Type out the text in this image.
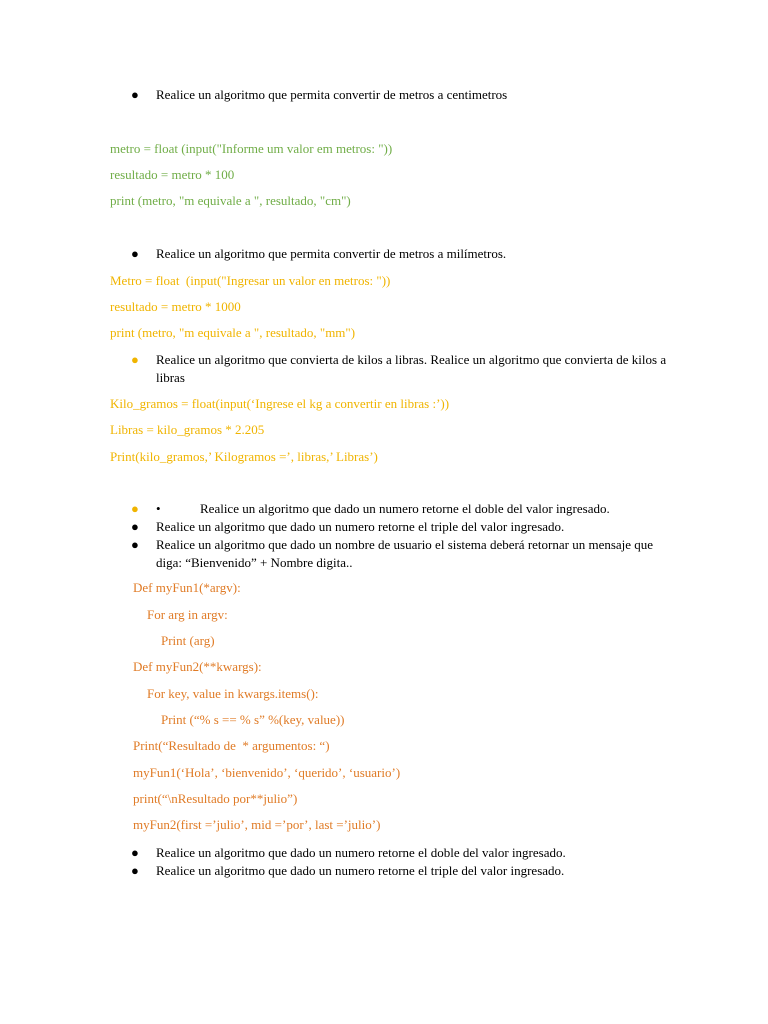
● Realice un algoritmo que permita convertir de metros a centimetros
metro = float (input("Informe um valor em metros: "))
resultado = metro * 100
print (metro, "m equivale a ", resultado, "cm")
● Realice un algoritmo que permita convertir de metros a milímetros.
Metro = float  (input("Ingresar un valor en metros: "))
resultado = metro * 1000
print (metro, "m equivale a ", resultado, "mm")
● Realice un algoritmo que convierta de kilos a libras. Realice un algoritmo que convierta de kilos a libras
Kilo_gramos = float(input(‘Ingrese el kg a convertir en libras :’))
Libras = kilo_gramos * 2.205
Print(kilo_gramos,’ Kilogramos =’, libras,’ Libras’)
● •	Realice un algoritmo que dado un numero retorne el doble del valor ingresado.
● Realice un algoritmo que dado un numero retorne el triple del valor ingresado.
● Realice un algoritmo que dado un nombre de usuario el sistema deberá retornar un mensaje que diga: “Bienvenido” + Nombre digita..
Def myFun1(*argv):
For arg in argv:
Print (arg)
Def myFun2(**kwargs):
For key, value in kwargs.items():
Print (“% s == % s” %(key, value))
Print(“Resultado de  * argumentos: “)
myFun1(‘Hola’, ‘bienvenido’, ‘querido’, ‘usuario’)
print(“\nResultado por**julio”)
myFun2(first =’julio’, mid =’por’, last =’julio’)
● Realice un algoritmo que dado un numero retorne el doble del valor ingresado.
● Realice un algoritmo que dado un numero retorne el triple del valor ingresado.
